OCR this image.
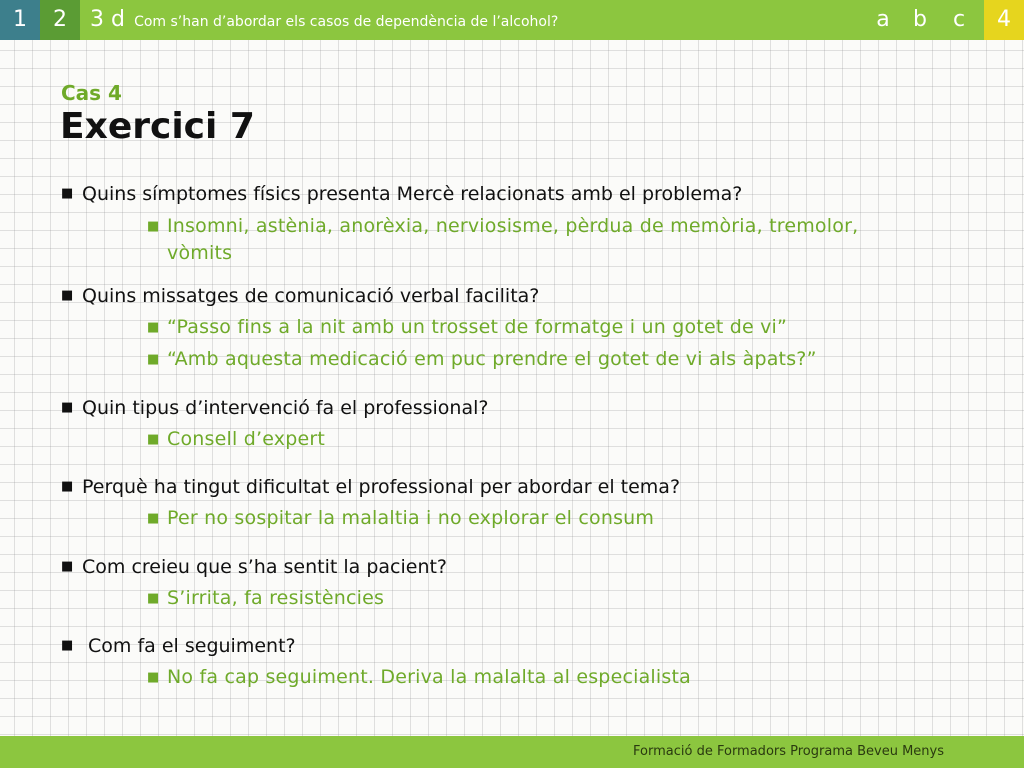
1	2	3 d Com s’han d’abordar els casos de dependència de l’alcohol?	a b	c	4
Cas 4
Exercici 7
■ Quins símptomes físics presenta Mercè relacionats amb el problema?
■ Insomni, astènia, anorèxia, nerviosisme, pèrdua de memòria, tremolor, vòmits
■ Quins missatges de comunicació verbal facilita?
■ “Passo fins a la nit amb un trosset de formatge i un gotet de vi”
■ “Amb aquesta medicació em puc prendre el gotet de vi als àpats?”
■ Quin tipus d’intervenció fa el professional?
■ Consell d’expert
■ Perquè ha tingut dificultat el professional per abordar el tema?
■ Per no sospitar la malaltia i no explorar el consum
■ Com creieu que s’ha sentit la pacient?
■ S’irrita, fa resistències
■ Com fa el seguiment?
■ No fa cap seguiment. Deriva la malalta al especialista
Formació de Formadors Programa Beveu Menys
